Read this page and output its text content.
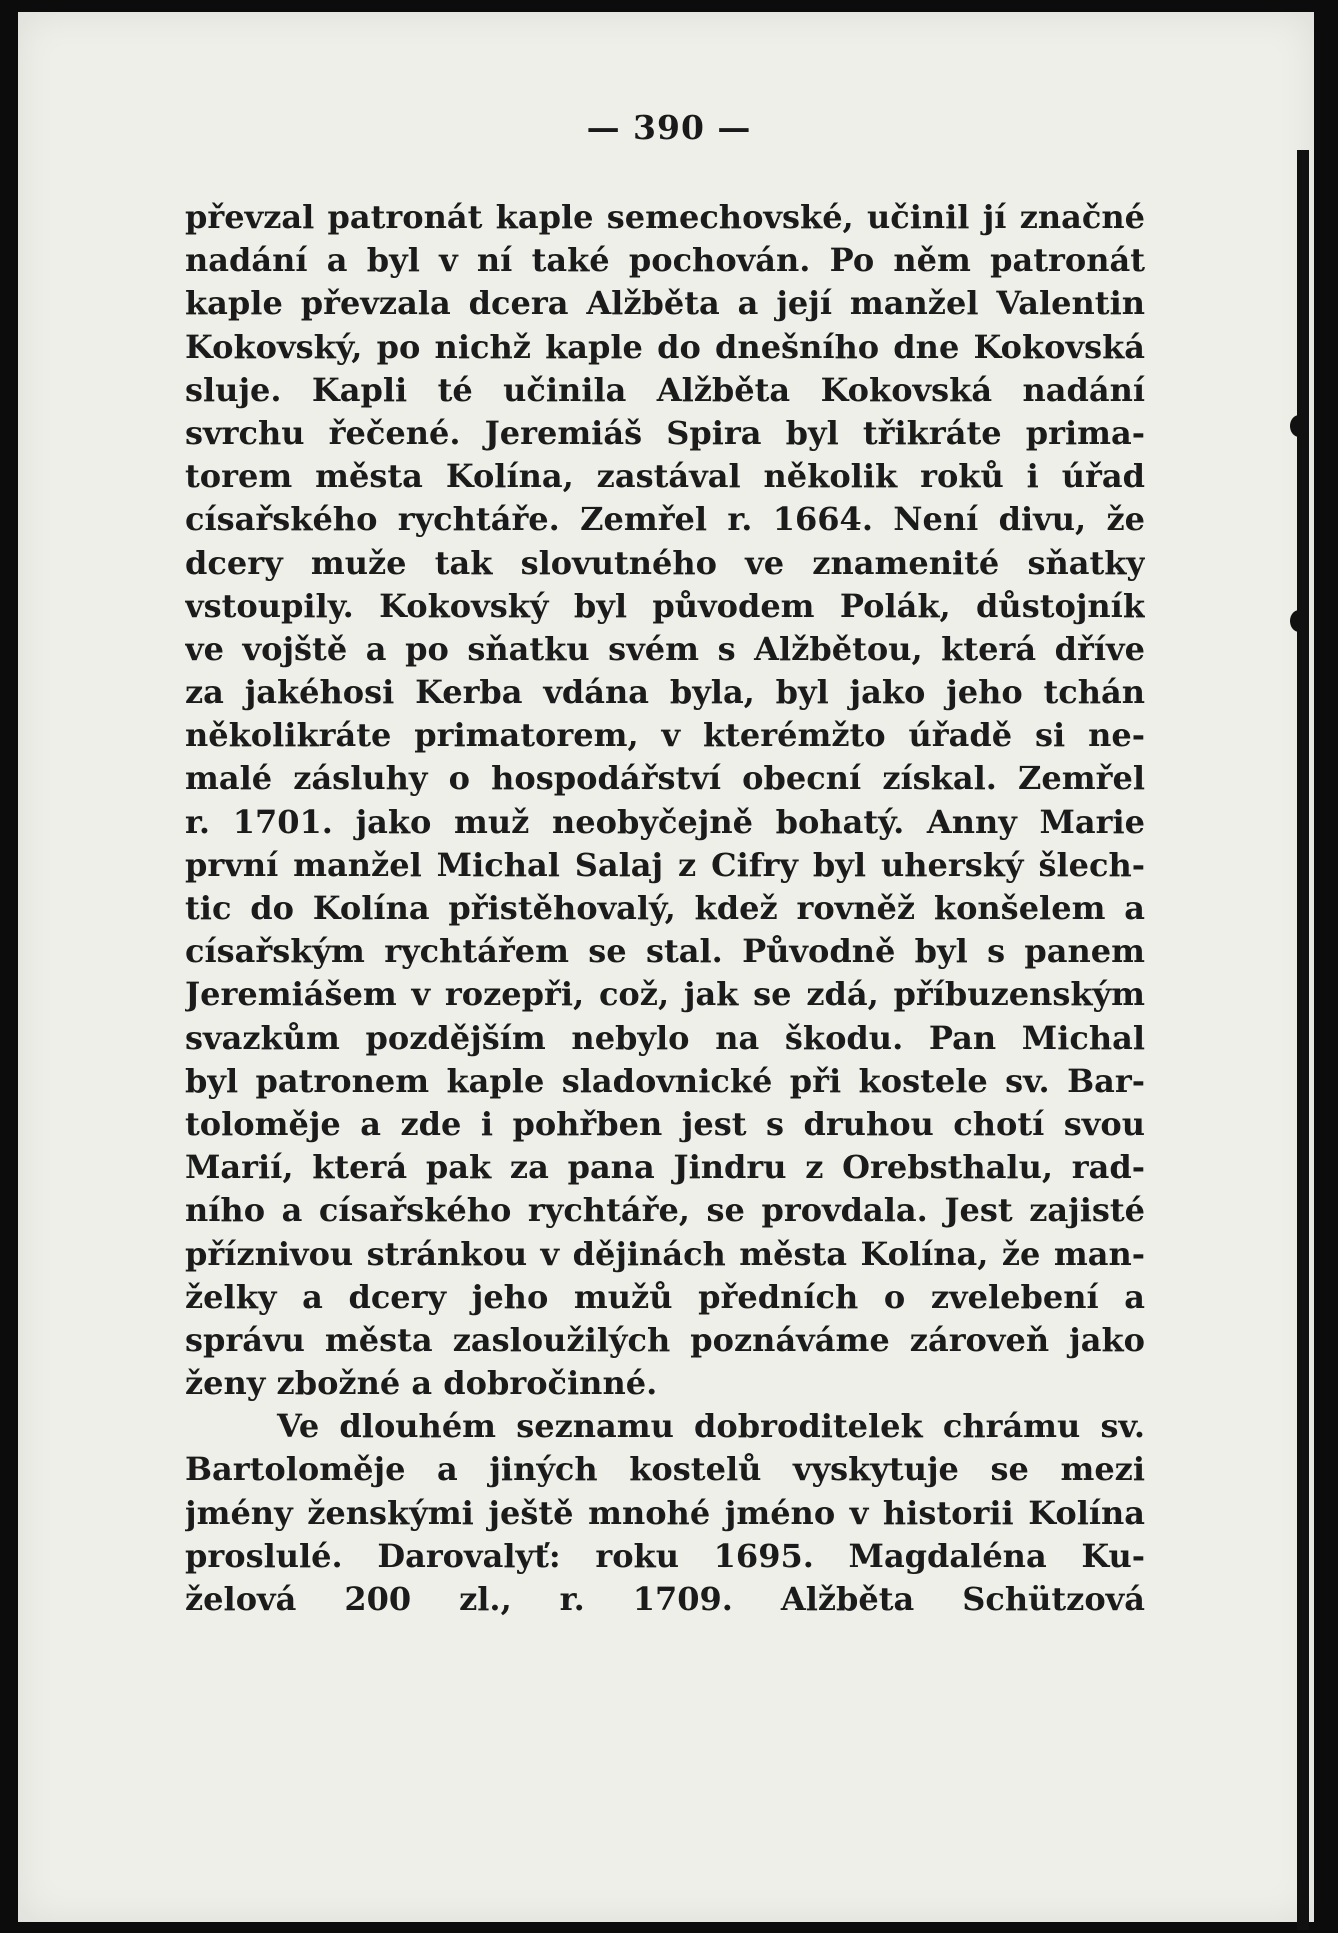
— 390 —
převzal patronát kaple semechovské, učinil jí značné
nadání a byl v ní také pochován. Po něm patronát
kaple převzala dcera Alžběta a její manžel Valentin
Kokovský, po nichž kaple do dnešního dne Kokovská
sluje. Kapli té učinila Alžběta Kokovská nadání
svrchu řečené. Jeremiáš Spira byl třikráte prima-
torem města Kolína, zastával několik roků i úřad
císařského rychtáře. Zemřel r. 1664. Není divu, že
dcery muže tak slovutného ve znamenité sňatky
vstoupily. Kokovský byl původem Polák, důstojník
ve vojště a po sňatku svém s Alžbětou, která dříve
za jakéhosi Kerba vdána byla, byl jako jeho tchán
několikráte primatorem, v kterémžto úřadě si ne-
malé zásluhy o hospodářství obecní získal. Zemřel
r. 1701. jako muž neobyčejně bohatý. Anny Marie
první manžel Michal Salaj z Cifry byl uherský šlech-
tic do Kolína přistěhovalý, kdež rovněž konšelem a
císařským rychtářem se stal. Původně byl s panem
Jeremiášem v rozepři, což, jak se zdá, příbuzenským
svazkům pozdějším nebylo na škodu. Pan Michal
byl patronem kaple sladovnické při kostele sv. Bar-
toloměje a zde i pohřben jest s druhou chotí svou
Marií, která pak za pana Jindru z Orebsthalu, rad-
ního a císařského rychtáře, se provdala. Jest zajisté
příznivou stránkou v dějinách města Kolína, že man-
želky a dcery jeho mužů předních o zvelebení a
správu města zasloužilých poznáváme zároveň jako
ženy zbožné a dobročinné.
Ve dlouhém seznamu dobroditelek chrámu sv.
Bartoloměje a jiných kostelů vyskytuje se mezi
jmény ženskými ještě mnohé jméno v historii Kolína
proslulé. Darovalyť: roku 1695. Magdaléna Ku-
želová 200 zl., r. 1709. Alžběta Schützová
